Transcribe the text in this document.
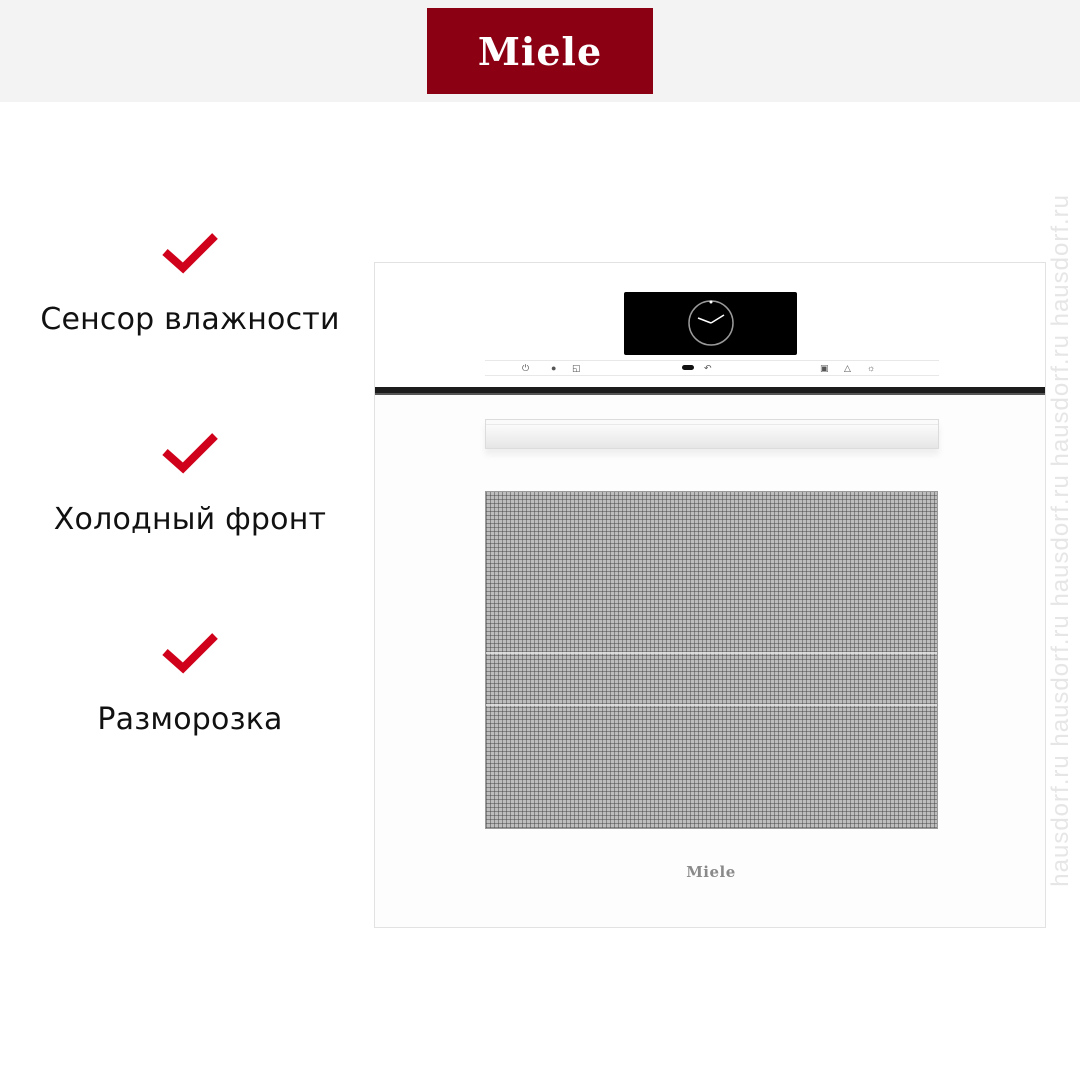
Miele
Сенсор влажности
Холодный фронт
Разморозка
⏻ ● ◱	↶	▣ △ ☼
Miele	hausdorf.ru hausdorf.ru hausdorf.ru hausdorf.ru hausdorf.ru
